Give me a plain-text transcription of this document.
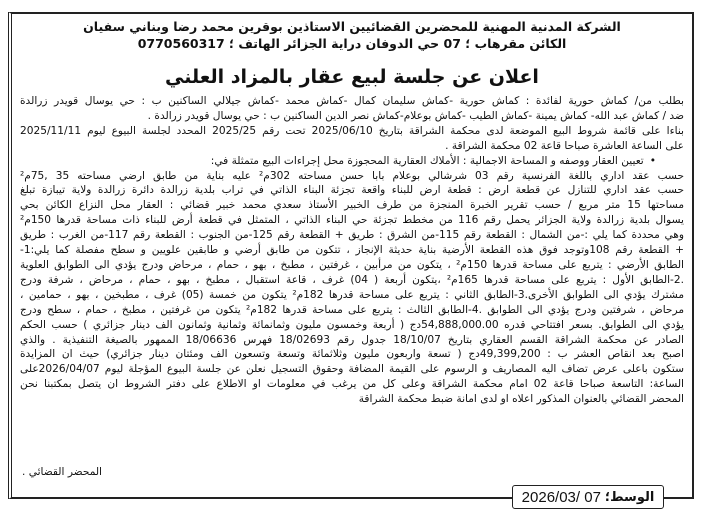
الشركة المدنية المهنية للمحضرين القضائيين الاستاذين بوقرين محمد رضا وبناني سفيان
الكائن مقرهاب ؛ 07 حي الدوفان دراية الجزائر الهاتف ؛ 0770560317
اعلان عن جلسة لبيع عقار بالمزاد العلني

بطلب من/ كماش حورية لفائدة : كماش حورية -كماش سليمان كمال -كماش محمد -كماش جيلالي الساكنين ب : حي يوسال قويدر زرالدة

ضد / كماش عبد الله- كماش يمينة -كماش الطيب -كماش بوعلام-كماش نصر الدين الساكنين ب : حي يوسال قويدر زرالدة .

بناءا على قائمة شروط البيع الموضعة لدى محكمة الشراقة بتاريخ 2025/06/10 تحت رقم 2025/25 المحدد لجلسة البيوع ليوم 2025/11/11

على الساعة العاشرة صباحا قاعة 02 محكمة الشراقة .

•تعيين العقار ووصفه و المساحة الاجمالية : الأملاك العقارية المحجوزة محل إجراءات البيع متمثلة في:

حسب عقد اداري باللغة الفرنسية رقم 03 شرشالي بوعلام بابا حسن مساحته 302م² عليه بناية من طابق ارضي مساحته 35 ,75م²

حسب عقد اداري للتنازل عن قطعة ارض : قطعة ارض للبناء واقعة تجزئة البناء الذاتي في تراب بلدية زرالدة دائرة زرالدة ولاية تيبازة تبلغ

مساحتها 15 متر مربع / حسب تقرير الخبرة المنجزة من طرف الخبير الأستاذ سعدي محمد خبير قضائي : العقار محل النزاع الكائن بحي

يسوال بلدية زرالدة ولاية الجزائر يحمل رقم 116 من مخطط تجزئة حي البناء الذاتي ، المتمثل في قطعة أرض للبناء ذات مساحة قدرها 150م²

وهي محددة كما يلي :-من الشمال : القطعة رقم 115-من الشرق : طريق + القطعة رقم 125-من الجنوب : القطعة رقم 117-من الغرب : طريق

+ القطعة رقم 108وتوجد فوق هذه القطعة الأرضية بناية حديثة الإنجاز ، تتكون من طابق أرضي و طابقين علويين و سطح مفصلة كما يلي:1-

الطابق الأرضي : يتربع على مساحة قدرها 150م² ، يتكون من مرأبين ، غرفتين ، مطبخ ، بهو ، حمام ، مرحاض ودرج يؤدي الى الطوابق العلوية

.2-الطابق الأول : يتربع على مساحة قدرها 165م² ،يتكون أربعة ( 04) غرف ، قاعة استقبال ، مطبخ ، بهو ، حمام ، مرحاض ، شرفة ودرج

مشترك يؤدي الى الطوابق الأخرى.3-الطابق الثاني : يتربع على مساحة قدرها 182م² يتكون من خمسة (05) غرف ، مطبخين ، بهو ، حمامين ،

مرحاض ، شرفتين ودرج يؤدي الى الطوابق .4-الطابق الثالث : يتربع على مساحة قدرها 182م² يتكون من غرفتين ، مطبخ ، حمام ، سطح ودرج

يؤدي الى الطوابق. بسعر افتتاحي قدره 54,888,000.00دج ( أربعة وخمسون مليون وثمانمائة وثمانية وثمانون الف دينار جزائري ) حسب الحكم

الصادر عن محكمة الشراقة القسم العقاري بتاريخ 18/10/07 جدول رقم 18/02693 فهرس 18/06636 الممهور بالصيغة التنفيذية . والذي

اصبح بعد انقاص العشر ب : 49,399,200دج ( تسعة واربعون مليون وثلاثمائة وتسعة وتسعون الف ومئتان دينار جزائري) حيث ان المزايدة

ستكون باعلى عرض تضاف اليه المصاريف و الرسوم على القيمة المضافة وحقوق التسجيل نعلن عن جلسة البيوع المؤجلة ليوم 2026/04/07على

الساعة: التاسعة صباحا قاعة 02 امام محكمة الشراقة وعلى كل من يرغب في معلومات او الاطلاع على دفتر الشروط ان يتصل بمكتبنا نحن

المحضر القضائي بالعنوان المذكور اعلاه او لدى امانة ضبط محكمة الشراقة

المحضر القضائي .
الوسط؛
2026/03/ 07
